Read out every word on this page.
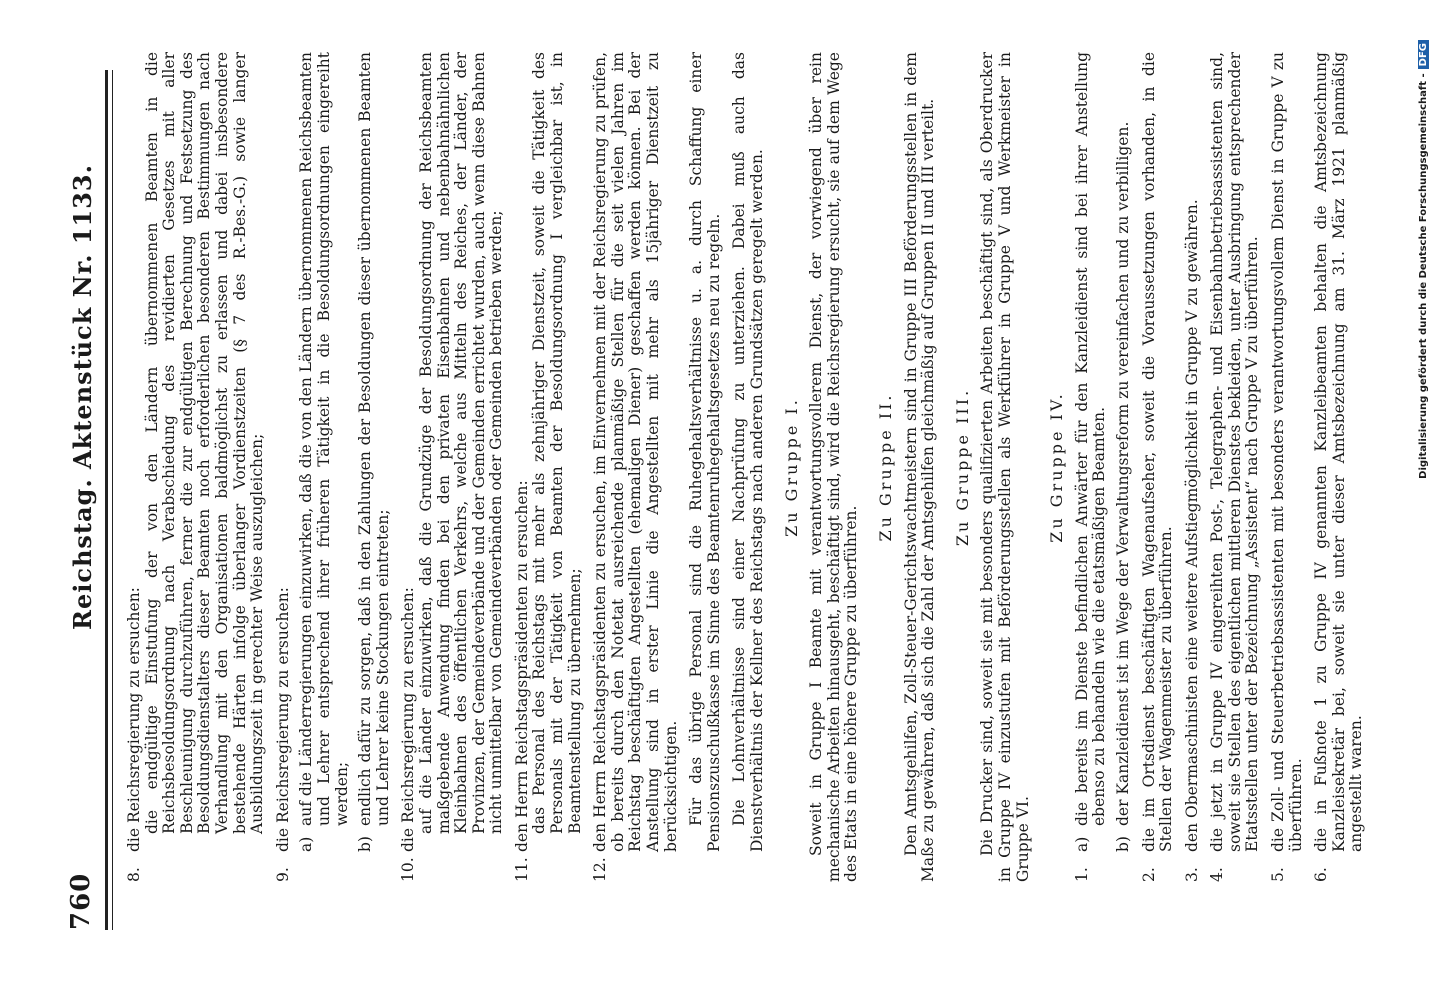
760
Reichstag. Aktenstück Nr. 1133.
8.
die Reichsregierung zu ersuchen: die endgültige Einstufung der von den Ländern übernommenen Beamten in die Reichsbesoldungsordnung nach Verabschiedung des revidierten Gesetzes mit aller Beschleunigung durchzuführen, ferner die zur endgültigen Berechnung und Festsetzung des Besoldungsdienstalters dieser Beamten noch erforderlichen besonderen Bestimmungen nach Verhandlung mit den Organisationen baldmöglichst zu erlassen und dabei insbesondere bestehende Härten infolge überlanger Vordienstzeiten (§ 7 des R.-Bes.-G.) sowie langer Ausbildungszeit in gerechter Weise auszugleichen;
9.
die Reichsregierung zu ersuchen: a)
auf die Länderregierungen einzuwirken, daß die von den Ländern übernommenen Reichsbeamten und Lehrer entsprechend ihrer früheren Tätigkeit in die Besoldungsordnungen eingereiht werden;
b)
endlich dafür zu sorgen, daß in den Zahlungen der Besoldungen dieser übernommenen Beamten und Lehrer keine Stockungen eintreten;
10.
die Reichsregierung zu ersuchen: auf die Länder einzuwirken, daß die Grundzüge der Besoldungsordnung der Reichsbeamten maßgebende Anwendung finden bei den privaten Eisenbahnen und nebenbahnähnlichen Kleinbahnen des öffentlichen Verkehrs, welche aus Mitteln des Reiches, der Länder, der Provinzen, der Gemeindeverbände und der Gemeinden errichtet wurden, auch wenn diese Bahnen nicht unmittelbar von Gemeindeverbänden oder Gemeinden betrieben werden;
11.
den Herrn Reichstagspräsidenten zu ersuchen: das Personal des Reichstags mit mehr als zehnjähriger Dienstzeit, soweit die Tätigkeit des Personals mit der Tätigkeit von Beamten der Besoldungsordnung I vergleichbar ist, in Beamtenstellung zu übernehmen;
12.
den Herrn Reichstagspräsidenten zu ersuchen, im Einvernehmen mit der Reichsregierung zu prüfen, ob bereits durch den Notetat ausreichende planmäßige Stellen für die seit vielen Jahren im Reichstag beschäftigten Angestellten (ehemaligen Diener) geschaffen werden können. Bei der Anstellung sind in erster Linie die Angestellten mit mehr als 15jähriger Dienstzeit zu berücksichtigen. Für das übrige Personal sind die Ruhegehaltsverhältnisse u. a. durch Schaffung einer Pensionszuschußkasse im Sinne des Beamtenruhegehaltsgesetzes neu zu regeln. Die Lohnverhältnisse sind einer Nachprüfung zu unterziehen. Dabei muß auch das Dienstverhältnis der Kellner des Reichstags nach anderen Grundsätzen geregelt werden. Zu Gruppe I. Soweit in Gruppe I Beamte mit verantwortungsvollerem Dienst, der vorwiegend über rein mechanische Arbeiten hinausgeht, beschäftigt sind, wird die Reichsregierung ersucht, sie auf dem Wege des Etats in eine höhere Gruppe zu überführen.
Zu Gruppe II. Den Amtsgehilfen, Zoll-Steuer-Gerichtswachtmeistern sind in Gruppe III Beförderungsstellen in dem Maße zu gewähren, daß sich die Zahl der Amtsgehilfen gleichmäßig auf Gruppen II und III verteilt. Zu Gruppe III. Die Drucker sind, soweit sie mit besonders qualifizierten Arbeiten beschäftigt sind, als Oberdrucker in Gruppe IV einzustufen mit Beförderungsstellen als Werkführer in Gruppe V und Werkmeister in Gruppe VI.
Zu Gruppe IV.
1.
a)
die bereits im Dienste befindlichen Anwärter für den Kanzleidienst sind bei ihrer Anstellung ebenso zu behandeln wie die etatsmäßigen Beamten.
b)
der Kanzleidienst ist im Wege der Verwaltungsreform zu vereinfachen und zu verbilligen.
2.
die im Ortsdienst beschäftigten Wagenaufseher, soweit die Voraussetzungen vorhanden, in die Stellen der Wagenmeister zu überführen.
3.
den Obermaschinisten eine weitere Aufstiegmöglichkeit in Gruppe V zu gewähren.
4.
die jetzt in Gruppe IV eingereihten Post-, Telegraphen- und Eisenbahnbetriebsassistenten sind, soweit sie Stellen des eigentlichen mittleren Dienstes bekleiden, unter Ausbringung entsprechender Etatsstellen unter der Bezeichnung „Assistent“ nach Gruppe V zu überführen.
5.
die Zoll- und Steuerbetriebsassistenten mit besonders verantwortungsvollem Dienst in Gruppe V zu überführen.
6.
die in Fußnote 1 zu Gruppe IV genannten Kanzleibeamten behalten die Amtsbezeichnung Kanzleisekretär bei, soweit sie unter dieser Amtsbezeichnung am 31. März 1921 planmäßig angestellt waren.
Digitalisierung gefördert durch die Deutsche Forschungsgemeinschaft -DFG
